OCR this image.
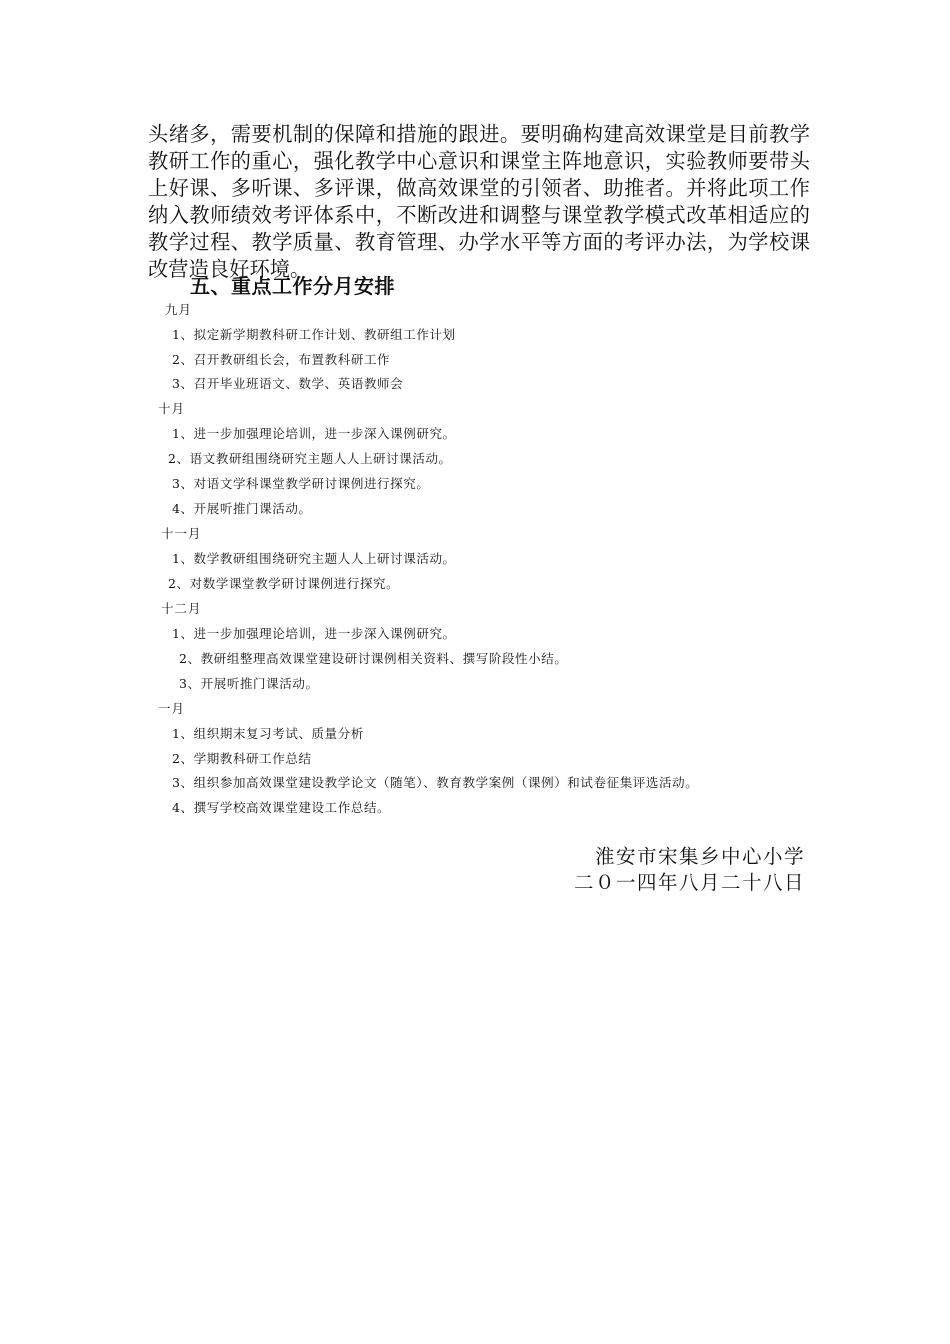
头绪多，需要机制的保障和措施的跟进。要明确构建高效课堂是目前教学教研工作的重心，强化教学中心意识和课堂主阵地意识，实验教师要带头上好课、多听课、多评课，做高效课堂的引领者、助推者。并将此项工作纳入教师绩效考评体系中，不断改进和调整与课堂教学模式改革相适应的教学过程、教学质量、教育管理、办学水平等方面的考评办法，为学校课改营造良好环境。

五、重点工作分月安排
九月
1、拟定新学期教科研工作计划、教研组工作计划
2、召开教研组长会，布置教科研工作
3、召开毕业班语文、数学、英语教师会
十月
1、进一步加强理论培训，进一步深入课例研究。
2、语文教研组围绕研究主题人人上研讨课活动。
3、对语文学科课堂教学研讨课例进行探究。
4、开展听推门课活动。
十一月
1、数学教研组围绕研究主题人人上研讨课活动。
2、对数学课堂教学研讨课例进行探究。
十二月
1、进一步加强理论培训，进一步深入课例研究。
2、教研组整理高效课堂建设研讨课例相关资料、撰写阶段性小结。
3、开展听推门课活动。
一月
1、组织期末复习考试、质量分析
2、学期教科研工作总结
3、组织参加高效课堂建设教学论文（随笔）、教育教学案例（课例）和试卷征集评选活动。
4、撰写学校高效课堂建设工作总结。
淮安市宋集乡中心小学
二０一四年八月二十八日
